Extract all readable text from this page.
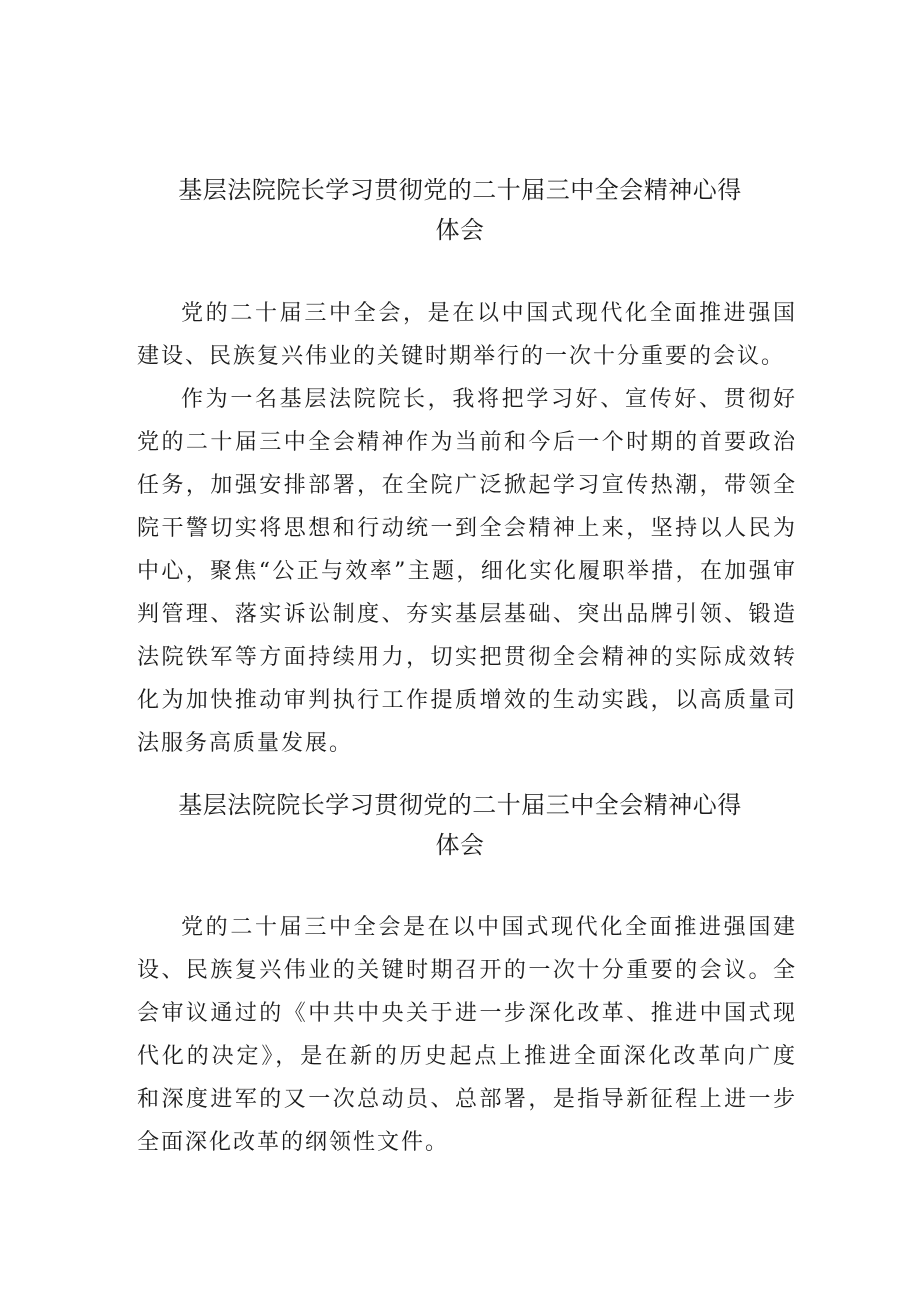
基层法院院长学习贯彻党的二十届三中全会精神心得
体会

党的二十届三中全会，是在以中国式现代化全面推进强国建设、民族复兴伟业的关键时期举行的一次十分重要的会议。

作为一名基层法院院长，我将把学习好、宣传好、贯彻好党的二十届三中全会精神作为当前和今后一个时期的首要政治任务，加强安排部署，在全院广泛掀起学习宣传热潮，带领全院干警切实将思想和行动统一到全会精神上来，坚持以人民为中心，聚焦“公正与效率”主题，细化实化履职举措，在加强审判管理、落实诉讼制度、夯实基层基础、突出品牌引领、锻造法院铁军等方面持续用力，切实把贯彻全会精神的实际成效转化为加快推动审判执行工作提质增效的生动实践，以高质量司法服务高质量发展。

基层法院院长学习贯彻党的二十届三中全会精神心得
体会

党的二十届三中全会是在以中国式现代化全面推进强国建设、民族复兴伟业的关键时期召开的一次十分重要的会议。全会审议通过的《中共中央关于进一步深化改革、推进中国式现代化的决定》，是在新的历史起点上推进全面深化改革向广度和深度进军的又一次总动员、总部署，是指导新征程上进一步全面深化改革的纲领性文件。
